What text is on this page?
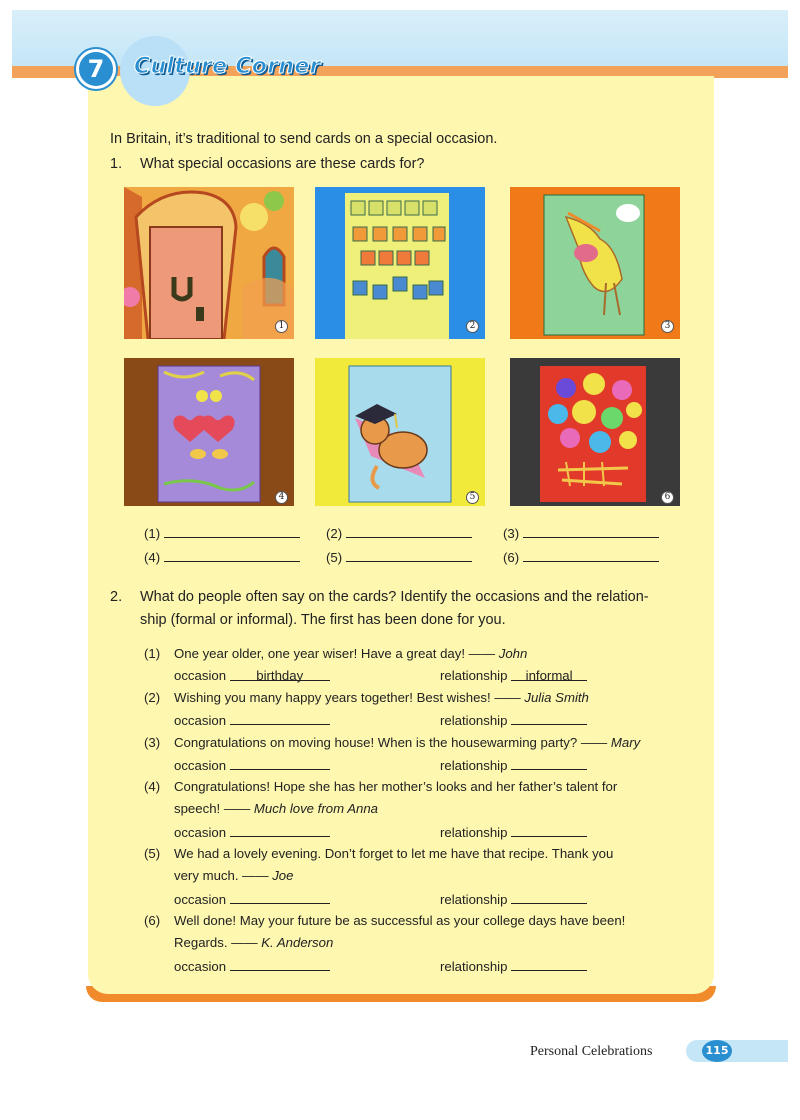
7	Culture Corner
In Britain, it’s traditional to send cards on a special occasion.
1. What special occasions are these cards for?
1	2	3
4	5	6
(1)	(2)	(3)
(4)	(5)	(6)
2. What do people often say on the cards? Identify the occasions and the relation-
ship (formal or informal). The first has been done for you.
(1) One year older, one year wiser! Have a great day! —— John
occasion birthday	relationship informal
(2) Wishing you many happy years together! Best wishes! —— Julia Smith
occasion	relationship
(3) Congratulations on moving house! When is the housewarming party? —— Mary
occasion	relationship
(4) Congratulations! Hope she has her mother’s looks and her father’s talent for
speech! —— Much love from Anna
occasion	relationship
(5) We had a lovely evening. Don’t forget to let me have that recipe. Thank you
very much. —— Joe
occasion	relationship
(6) Well done! May your future be as successful as your college days have been!
Regards. —— K. Anderson
occasion	relationship
Personal Celebrations	115
